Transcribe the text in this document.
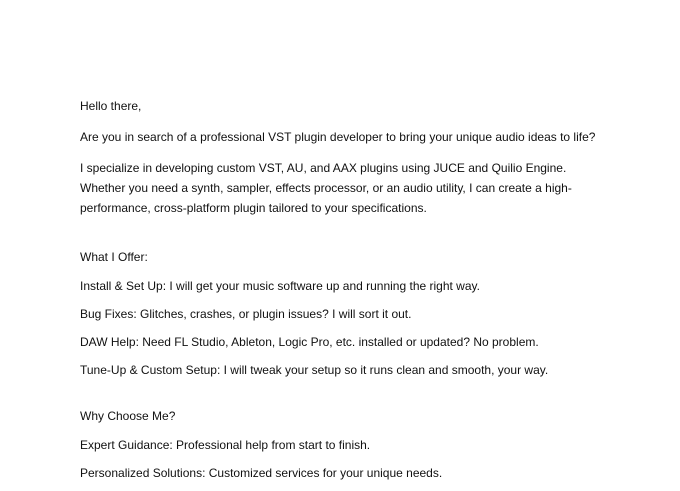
Hello there,

Are you in search of a professional VST plugin developer to bring your unique audio ideas to life?

I specialize in developing custom VST, AU, and AAX plugins using JUCE and Quilio Engine. Whether you need a synth, sampler, effects processor, or an audio utility, I can create a high-performance, cross-platform plugin tailored to your specifications.

What I Offer:

Install & Set Up: I will get your music software up and running the right way.

Bug Fixes: Glitches, crashes, or plugin issues? I will sort it out.

DAW Help: Need FL Studio, Ableton, Logic Pro, etc. installed or updated? No problem.

Tune-Up & Custom Setup: I will tweak your setup so it runs clean and smooth, your way.

Why Choose Me?

Expert Guidance: Professional help from start to finish.

Personalized Solutions: Customized services for your unique needs.
